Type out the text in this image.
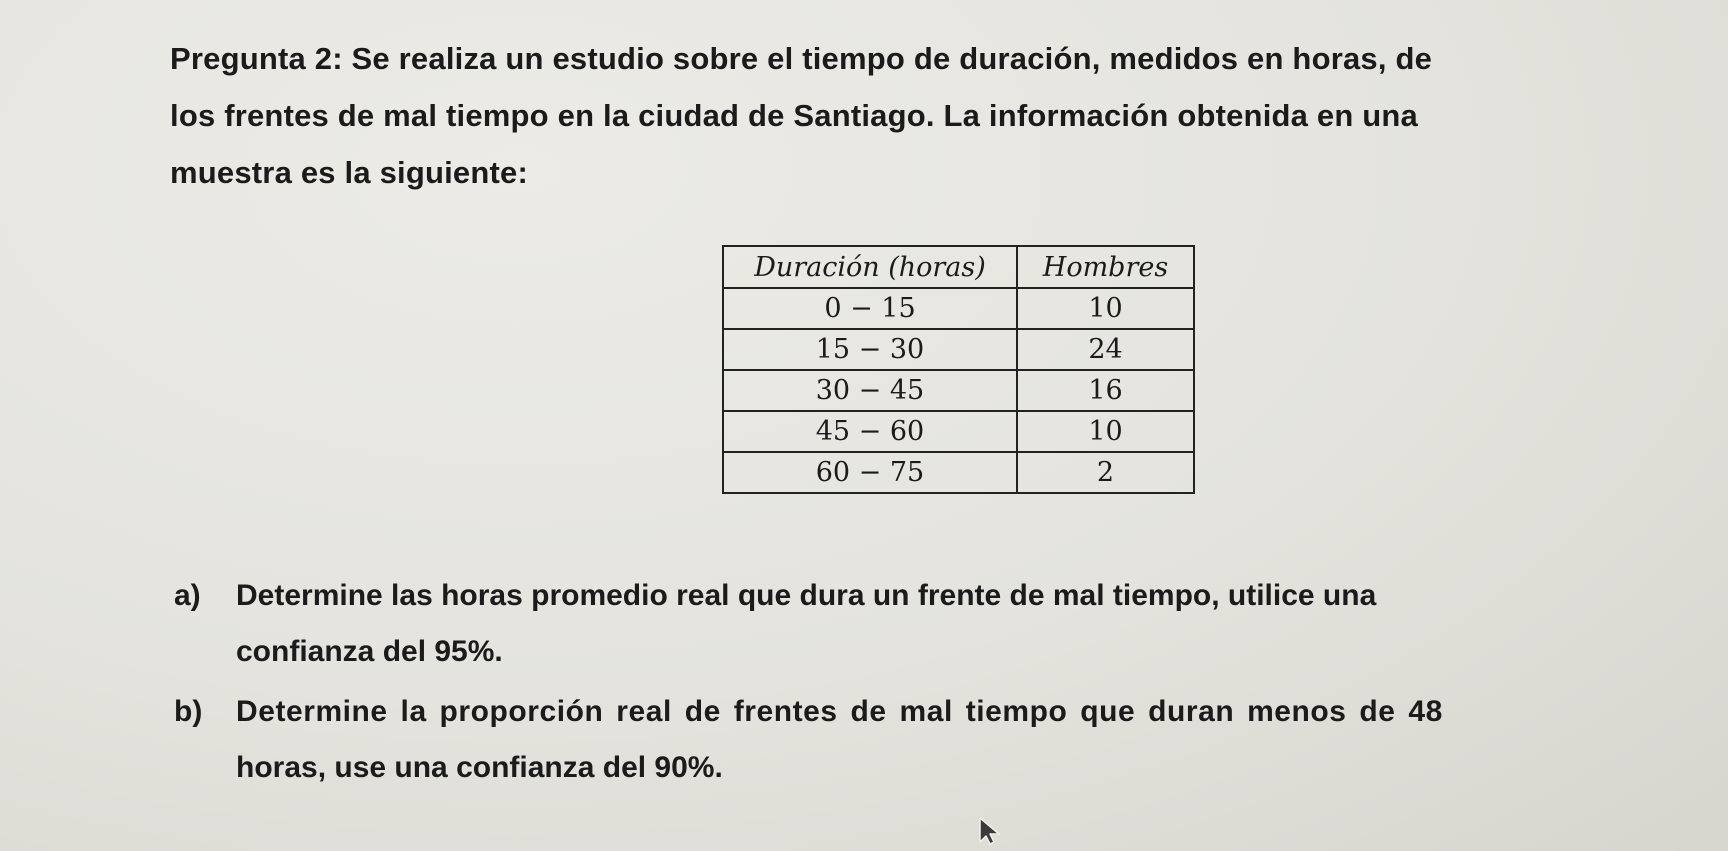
Pregunta 2: Se realiza un estudio sobre el tiempo de duración, medidos en horas, de
los frentes de mal tiempo en la ciudad de Santiago. La información obtenida en una
muestra es la siguiente:
Duración (horas)	Hombres
0 − 15	10
15 − 30	24
30 − 45	16
45 − 60	10
60 − 75	2
a) Determine las horas promedio real que dura un frente de mal tiempo, utilice una
confianza del 95%.
b) Determine la proporción real de frentes de mal tiempo que duran menos de 48
horas, use una confianza del 90%.
